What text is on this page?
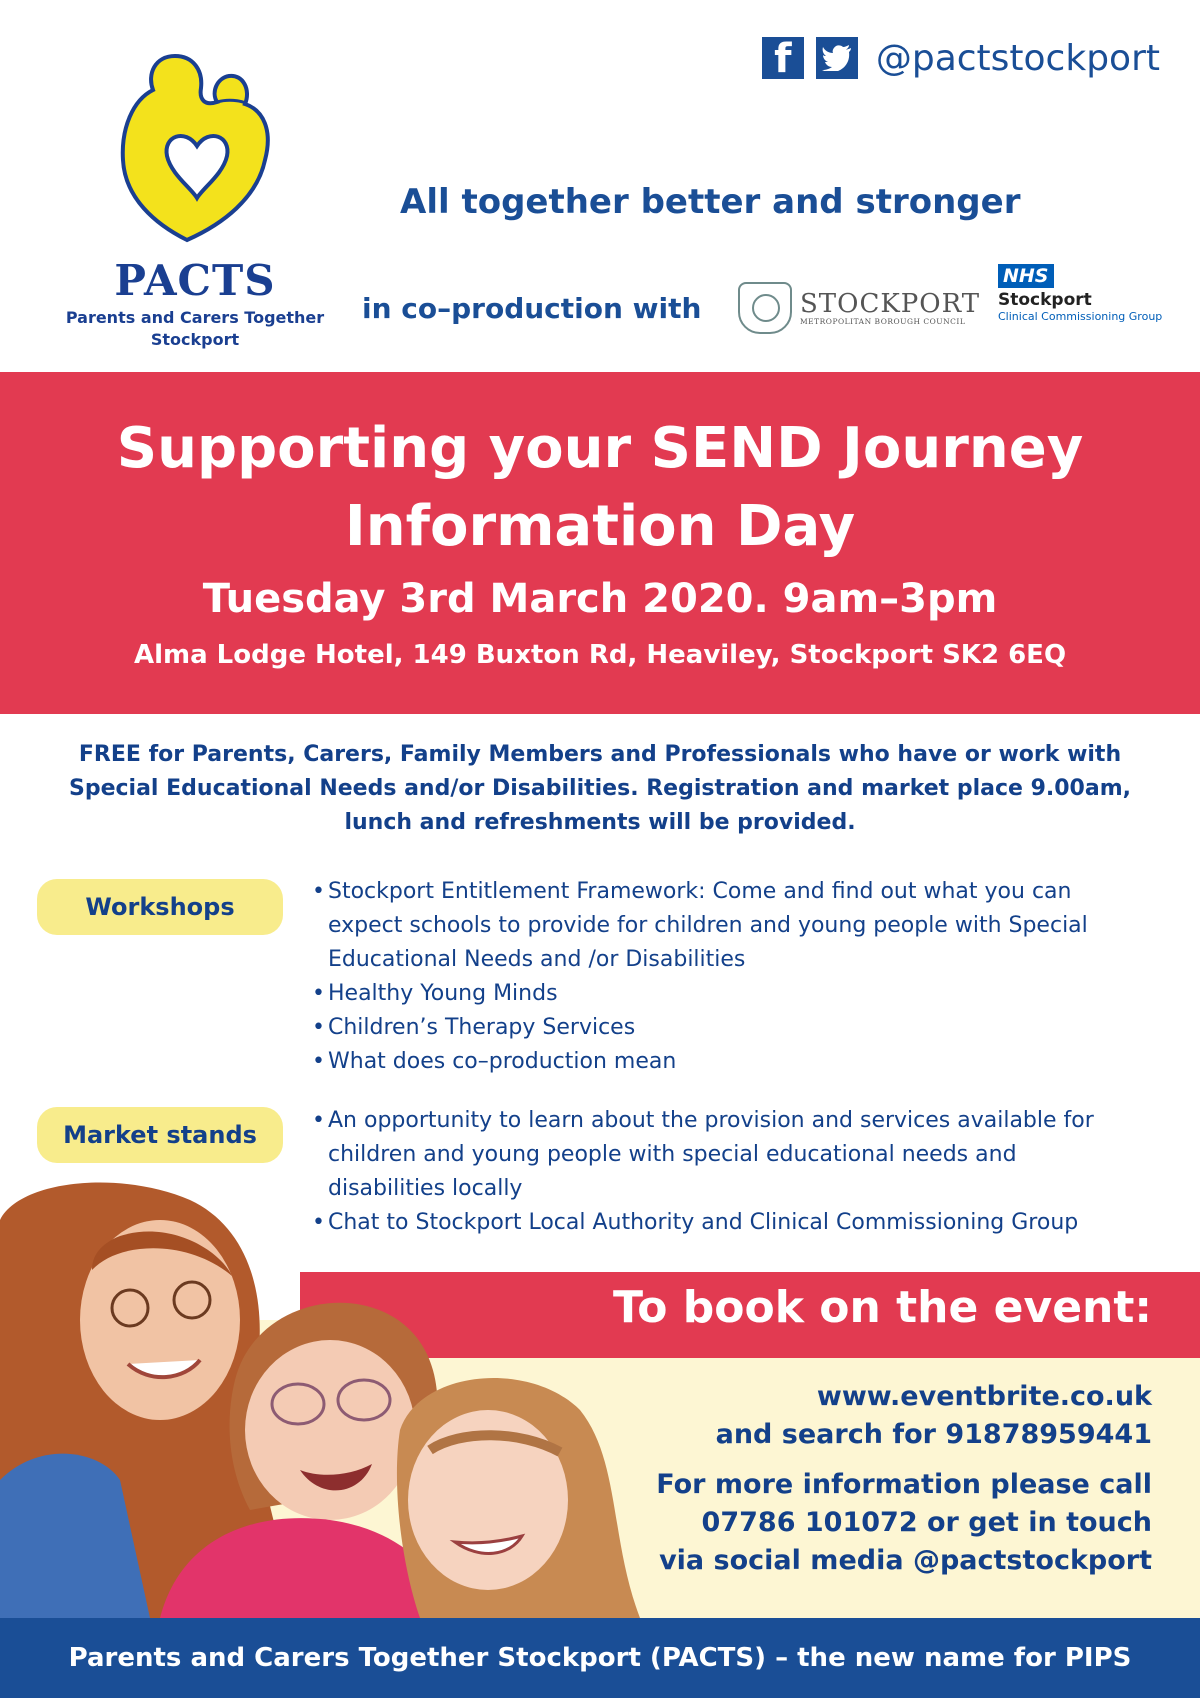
PACTS
Parents and Carers Together
Stockport
f	@pactstockport
All together better and stronger
in co–production with	STOCKPORT
METROPOLITAN BOROUGH COUNCIL
NHS
Stockport
Clinical Commissioning Group
Supporting your SEND Journey
Information Day
Tuesday 3rd March 2020. 9am–3pm
Alma Lodge Hotel, 149 Buxton Rd, Heaviley, Stockport SK2 6EQ
FREE for Parents, Carers, Family Members and Professionals who have or work with
Special Educational Needs and/or Disabilities. Registration and market place 9.00am,
lunch and refreshments will be provided.
Workshops
• Stockport Entitlement Framework: Come and find out what you can expect schools to provide for children and young people with Special Educational Needs and /or Disabilities
• Healthy Young Minds
• Children’s Therapy Services
• What does co–production mean
Market stands
• An opportunity to learn about the provision and services available for children and young people with special educational needs and disabilities locally
• Chat to Stockport Local Authority and Clinical Commissioning Group
To book on the event:
www.eventbrite.co.uk
and search for 91878959441
For more information please call
07786 101072 or get in touch
via social media @pactstockport
Parents and Carers Together Stockport (PACTS) – the new name for PIPS
